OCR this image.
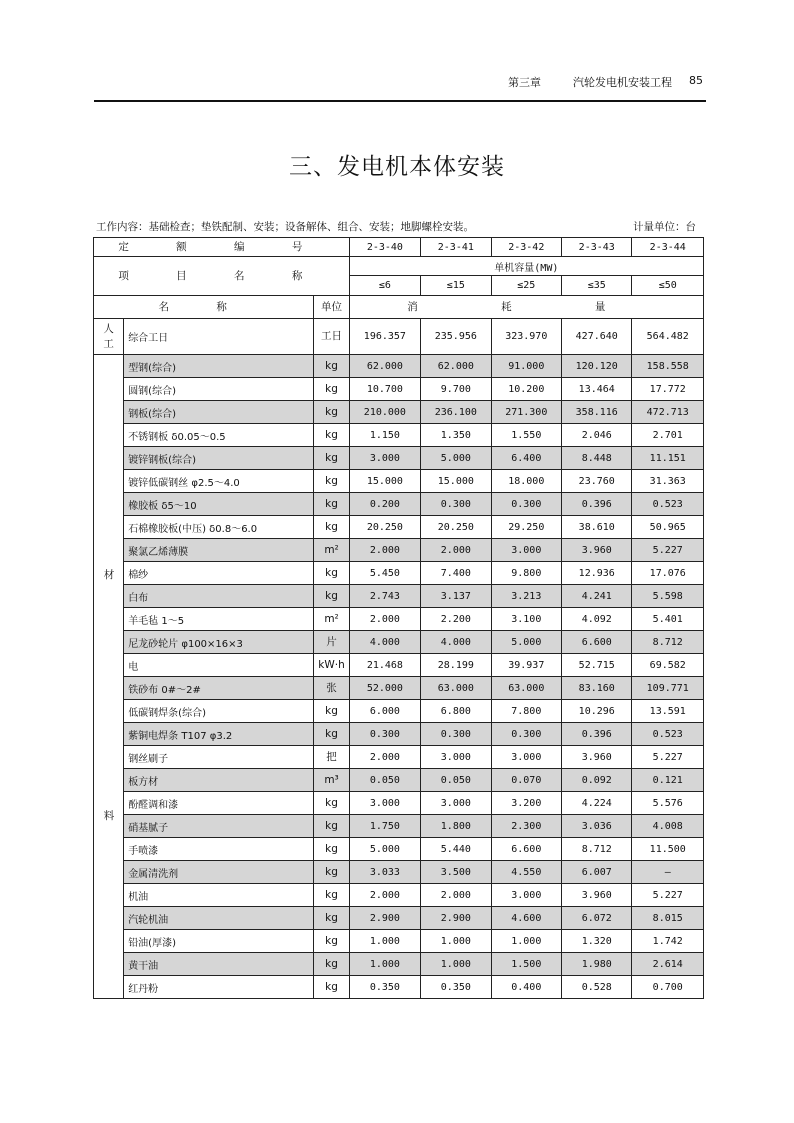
第三章	汽轮发电机安装工程 85
三、发电机本体安装
工作内容：基础检查；垫铁配制、安装；设备解体、组合、安装；地脚螺栓安装。	计量单位：台
定 额 编 号			2-3-40	2-3-41	2-3-42	2-3-43	2-3-44
项 目 名 称			单机容量(MW)				
			≤6	≤15	≤25	≤35	≤50
名 称		单位	消 耗 量				

人工	综合工日	工日	196.357	235.956	323.970	427.640	564.482

材
料	型钢(综合)	kg	62.000	62.000	91.000	120.120	158.558
	圆钢(综合)	kg	10.700	9.700	10.200	13.464	17.772
	钢板(综合)	kg	210.000	236.100	271.300	358.116	472.713
	不锈钢板 δ0.05～0.5	kg	1.150	1.350	1.550	2.046	2.701
	镀锌钢板(综合)	kg	3.000	5.000	6.400	8.448	11.151
	镀锌低碳钢丝 φ2.5～4.0	kg	15.000	15.000	18.000	23.760	31.363
	橡胶板 δ5～10	kg	0.200	0.300	0.300	0.396	0.523
	石棉橡胶板(中压) δ0.8～6.0	kg	20.250	20.250	29.250	38.610	50.965
	聚氯乙烯薄膜	m²	2.000	2.000	3.000	3.960	5.227
	棉纱	kg	5.450	7.400	9.800	12.936	17.076
	白布	kg	2.743	3.137	3.213	4.241	5.598
	羊毛毡 1～5	m²	2.000	2.200	3.100	4.092	5.401
	尼龙砂轮片 φ100×16×3	片	4.000	4.000	5.000	6.600	8.712
	电	kW·h	21.468	28.199	39.937	52.715	69.582
	铁砂布 0#～2#	张	52.000	63.000	63.000	83.160	109.771
	低碳钢焊条(综合)	kg	6.000	6.800	7.800	10.296	13.591
	紫铜电焊条 T107 φ3.2	kg	0.300	0.300	0.300	0.396	0.523
	钢丝刷子	把	2.000	3.000	3.000	3.960	5.227
	板方材	m³	0.050	0.050	0.070	0.092	0.121
	酚醛调和漆	kg	3.000	3.000	3.200	4.224	5.576
	硝基腻子	kg	1.750	1.800	2.300	3.036	4.008
	手喷漆	kg	5.000	5.440	6.600	8.712	11.500
	金属清洗剂	kg	3.033	3.500	4.550	6.007	—
	机油	kg	2.000	2.000	3.000	3.960	5.227
	汽轮机油	kg	2.900	2.900	4.600	6.072	8.015
	铅油(厚漆)	kg	1.000	1.000	1.000	1.320	1.742
	黄干油	kg	1.000	1.000	1.500	1.980	2.614
	红丹粉	kg	0.350	0.350	0.400	0.528	0.700
